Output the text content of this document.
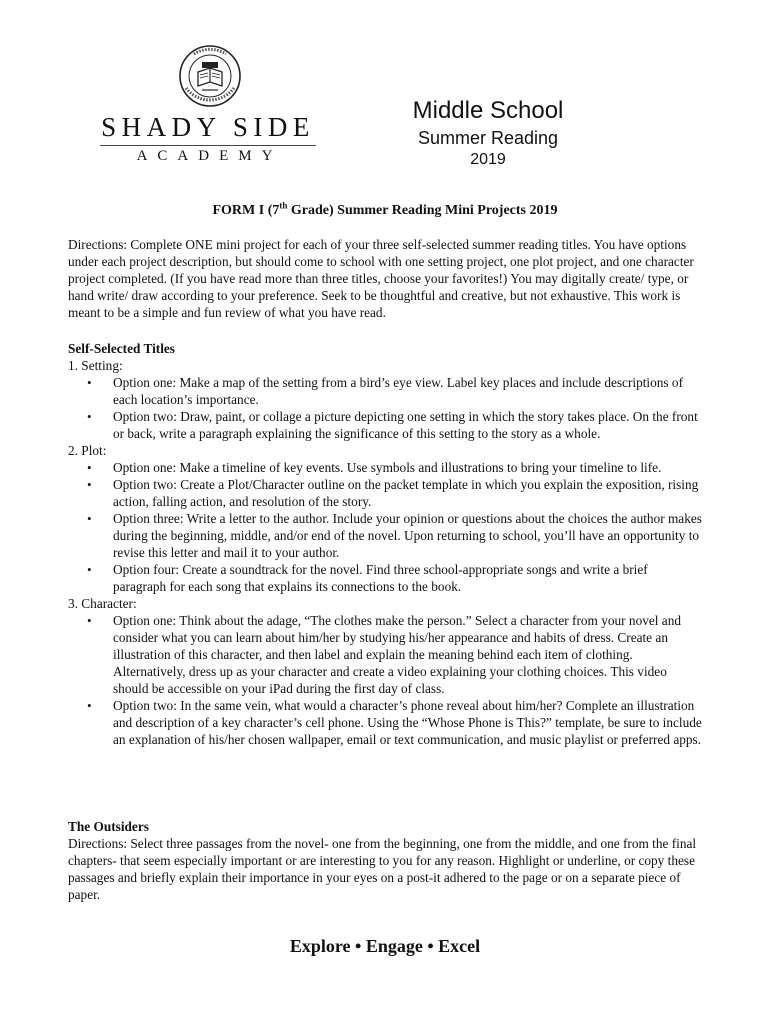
SHADY SIDE
ACADEMY
Middle School
Summer Reading
2019
FORM I (7th Grade) Summer Reading Mini Projects 2019
Directions: Complete ONE mini project for each of your three self-selected summer reading titles. You have options under each project description, but should come to school with one setting project, one plot project, and one character project completed. (If you have read more than three titles, choose your favorites!) You may digitally create/ type, or hand write/ draw according to your preference. Seek to be thoughtful and creative, but not exhaustive. This work is meant to be a simple and fun review of what you have read.
Self-Selected Titles
1. Setting:
• Option one: Make a map of the setting from a bird’s eye view. Label key places and include descriptions of each location’s importance.
• Option two: Draw, paint, or collage a picture depicting one setting in which the story takes place. On the front or back, write a paragraph explaining the significance of this setting to the story as a whole.
2. Plot:
• Option one: Make a timeline of key events. Use symbols and illustrations to bring your timeline to life.
• Option two: Create a Plot/Character outline on the packet template in which you explain the exposition, rising action, falling action, and resolution of the story.
• Option three: Write a letter to the author. Include your opinion or questions about the choices the author makes during the beginning, middle, and/or end of the novel. Upon returning to school, you’ll have an opportunity to revise this letter and mail it to your author.
• Option four: Create a soundtrack for the novel. Find three school-appropriate songs and write a brief paragraph for each song that explains its connections to the book.
3. Character:
• Option one: Think about the adage, “The clothes make the person.” Select a character from your novel and consider what you can learn about him/her by studying his/her appearance and habits of dress. Create an illustration of this character, and then label and explain the meaning behind each item of clothing. Alternatively, dress up as your character and create a video explaining your clothing choices. This video should be accessible on your iPad during the first day of class.
• Option two: In the same vein, what would a character’s phone reveal about him/her? Complete an illustration and description of a key character’s cell phone. Using the “Whose Phone is This?” template, be sure to include an explanation of his/her chosen wallpaper, email or text communication, and music playlist or preferred apps.
The Outsiders
Directions: Select three passages from the novel- one from the beginning, one from the middle, and one from the final chapters- that seem especially important or are interesting to you for any reason. Highlight or underline, or copy these passages and briefly explain their importance in your eyes on a post-it adhered to the page or on a separate piece of paper.
Explore • Engage • Excel
